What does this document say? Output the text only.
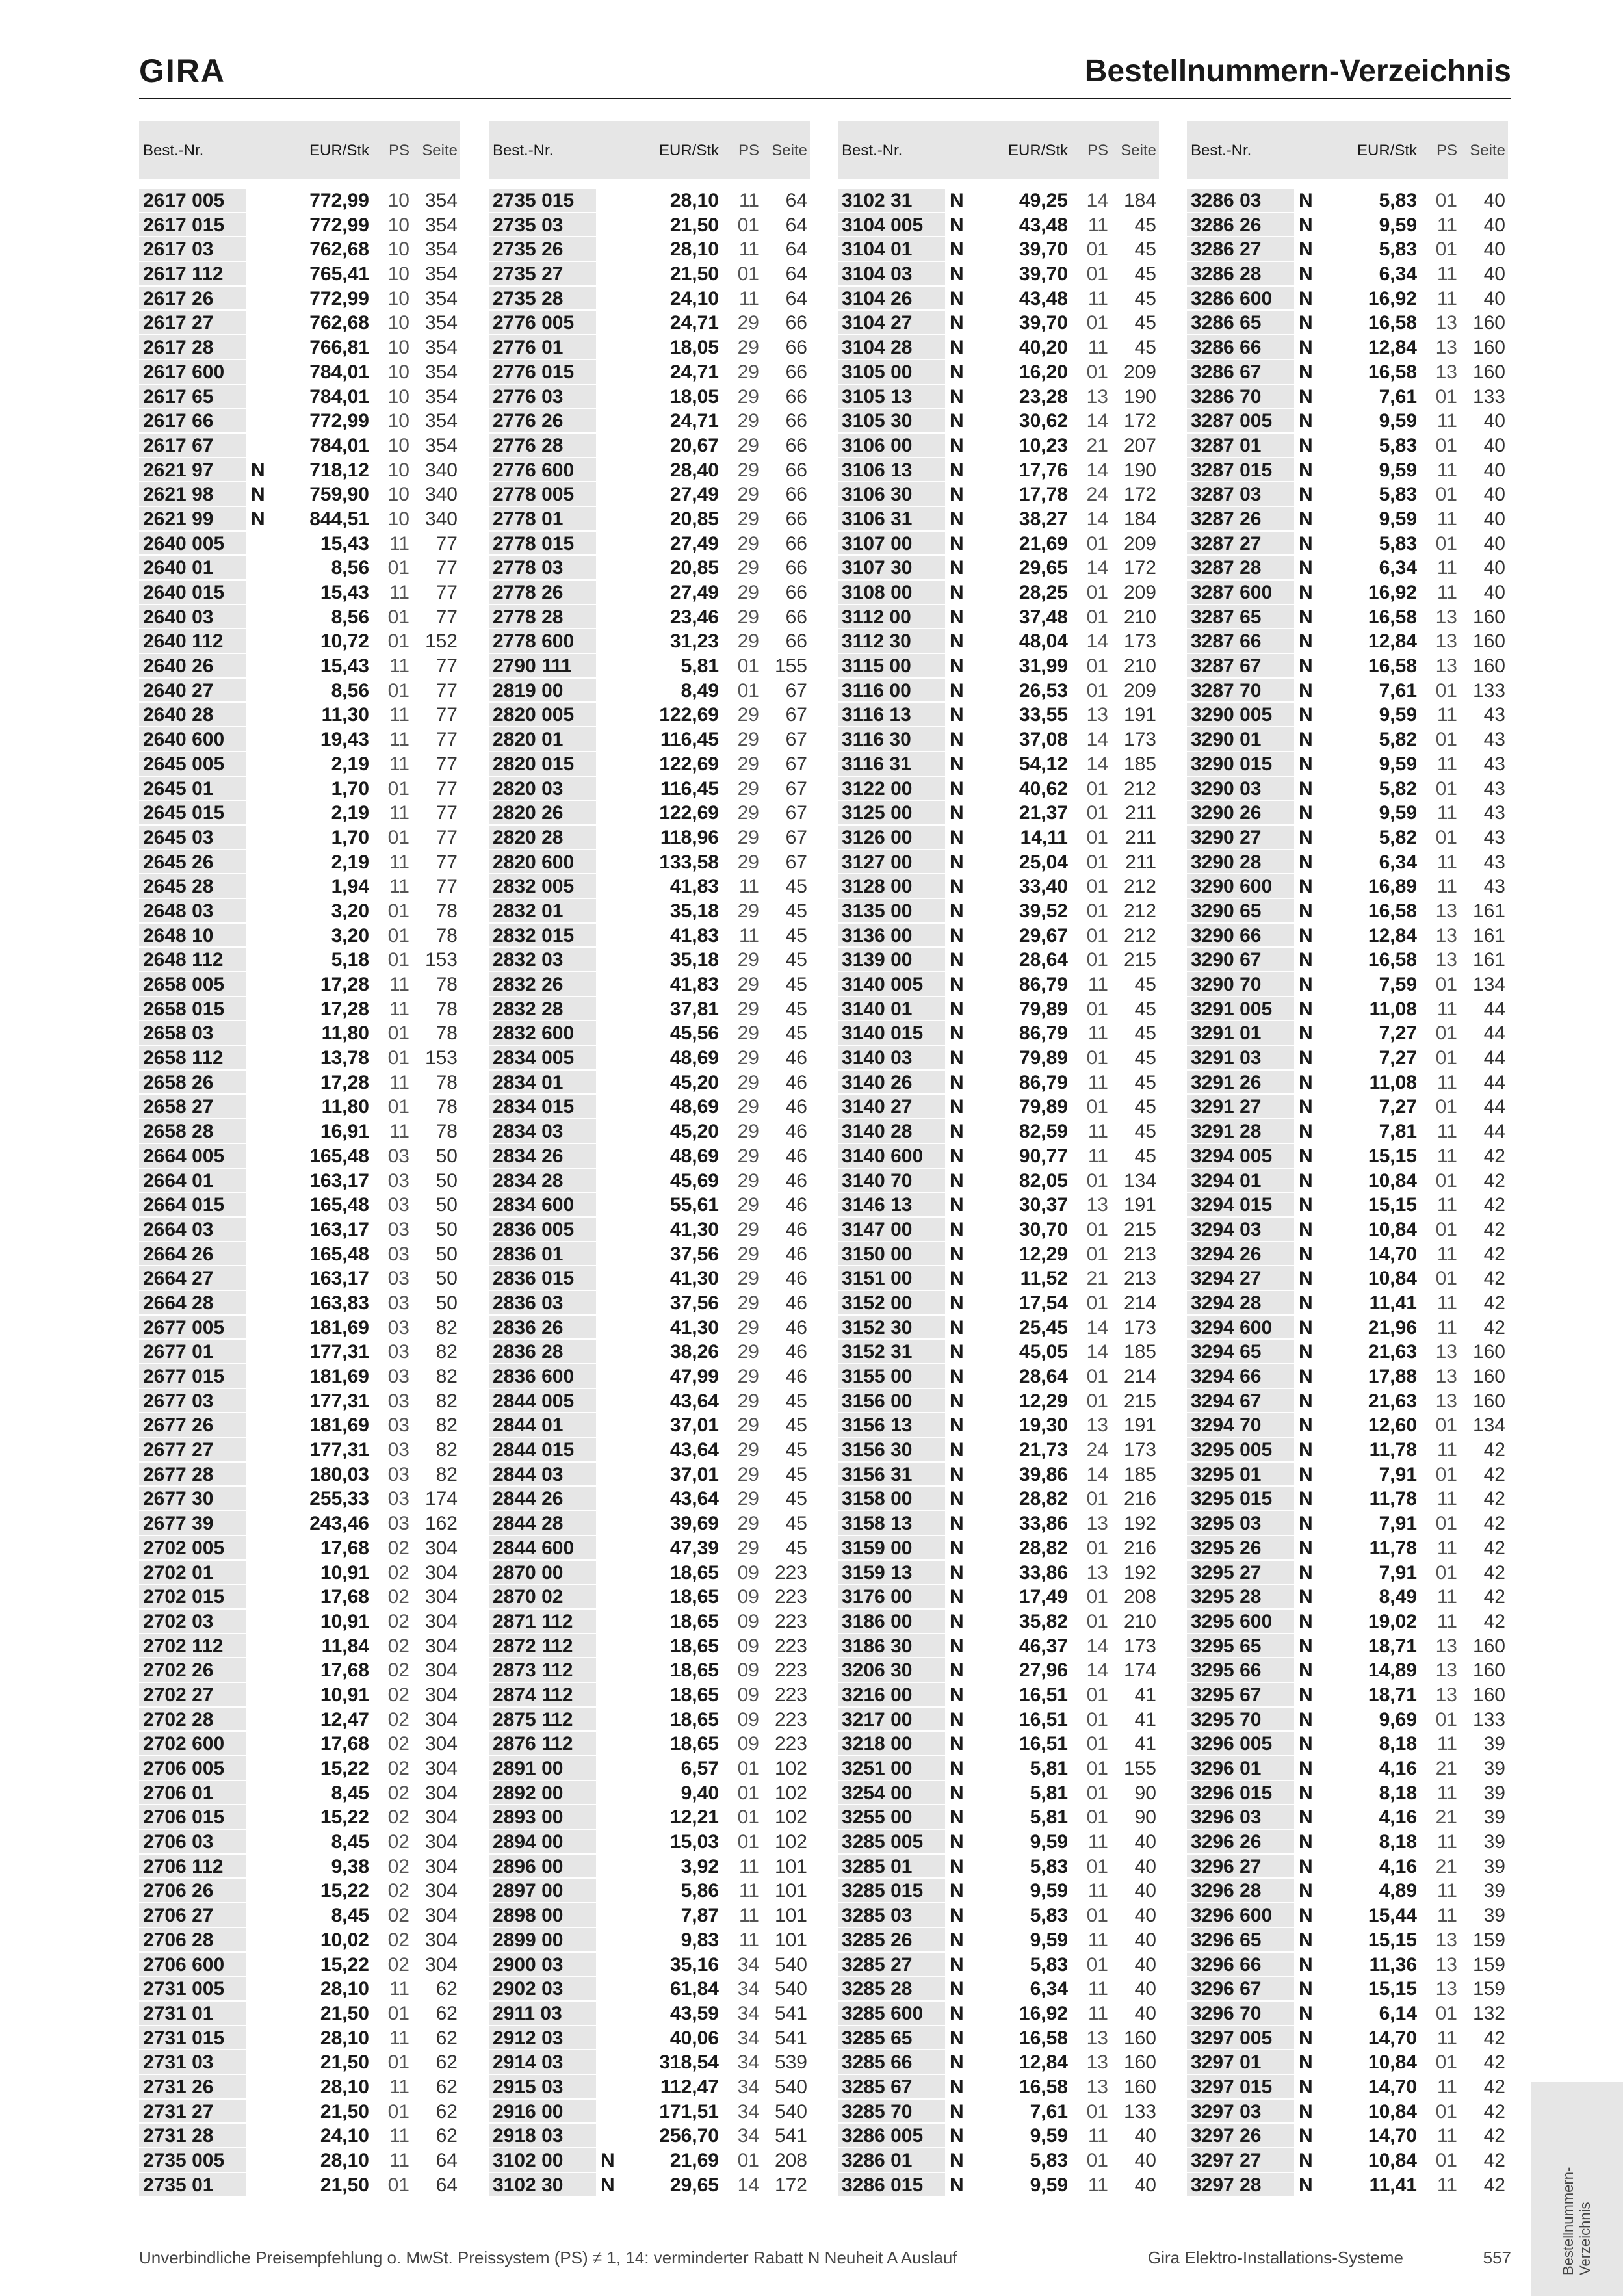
GIRA	Bestellnummern-Verzeichnis
Best.-Nr.	EUR/Stk PS Seite
2617 005	772,99 10 354
2617 015	772,99 10 354
2617 03	762,68 10 354
2617 112	765,41 10 354
2617 26	772,99 10 354
2617 27	762,68 10 354
2617 28	766,81 10 354
2617 600	784,01 10 354
2617 65	784,01 10 354
2617 66	772,99 10 354
2617 67	784,01 10 354
2621 97	N 718,12 10 340
2621 98	N 759,90 10 340
2621 99	N 844,51 10 340
2640 005	15,43 11 77
2640 01	8,56 01 77
2640 015	15,43 11 77
2640 03	8,56 01 77
2640 112	10,72 01 152
2640 26	15,43 11 77
2640 27	8,56 01 77
2640 28	11,30 11 77
2640 600	19,43 11 77
2645 005	2,19 11 77
2645 01	1,70 01 77
2645 015	2,19 11 77
2645 03	1,70 01 77
2645 26	2,19 11 77
2645 28	1,94 11 77
2648 03	3,20 01 78
2648 10	3,20 01 78
2648 112	5,18 01 153
2658 005	17,28 11 78
2658 015	17,28 11 78
2658 03	11,80 01 78
2658 112	13,78 01 153
2658 26	17,28 11 78
2658 27	11,80 01 78
2658 28	16,91 11 78
2664 005	165,48 03 50
2664 01	163,17 03 50
2664 015	165,48 03 50
2664 03	163,17 03 50
2664 26	165,48 03 50
2664 27	163,17 03 50
2664 28	163,83 03 50
2677 005	181,69 03 82
2677 01	177,31 03 82
2677 015	181,69 03 82
2677 03	177,31 03 82
2677 26	181,69 03 82
2677 27	177,31 03 82
2677 28	180,03 03 82
2677 30	255,33 03 174
2677 39	243,46 03 162
2702 005	17,68 02 304
2702 01	10,91 02 304
2702 015	17,68 02 304
2702 03	10,91 02 304
2702 112	11,84 02 304
2702 26	17,68 02 304
2702 27	10,91 02 304
2702 28	12,47 02 304
2702 600	17,68 02 304
2706 005	15,22 02 304
2706 01	8,45 02 304
2706 015	15,22 02 304
2706 03	8,45 02 304
2706 112	9,38 02 304
2706 26	15,22 02 304
2706 27	8,45 02 304
2706 28	10,02 02 304
2706 600	15,22 02 304
2731 005	28,10 11 62
2731 01	21,50 01 62
2731 015	28,10 11 62
2731 03	21,50 01 62
2731 26	28,10 11 62
2731 27	21,50 01 62
2731 28	24,10 11 62
2735 005	28,10 11 64
2735 01	21,50 01 64
Best.-Nr.	EUR/Stk PS Seite
2735 015	28,10 11 64
2735 03	21,50 01 64
2735 26	28,10 11 64
2735 27	21,50 01 64
2735 28	24,10 11 64
2776 005	24,71 29 66
2776 01	18,05 29 66
2776 015	24,71 29 66
2776 03	18,05 29 66
2776 26	24,71 29 66
2776 28	20,67 29 66
2776 600	28,40 29 66
2778 005	27,49 29 66
2778 01	20,85 29 66
2778 015	27,49 29 66
2778 03	20,85 29 66
2778 26	27,49 29 66
2778 28	23,46 29 66
2778 600	31,23 29 66
2790 111	5,81 01 155
2819 00	8,49 01 67
2820 005	122,69 29 67
2820 01	116,45 29 67
2820 015	122,69 29 67
2820 03	116,45 29 67
2820 26	122,69 29 67
2820 28	118,96 29 67
2820 600	133,58 29 67
2832 005	41,83 11 45
2832 01	35,18 29 45
2832 015	41,83 11 45
2832 03	35,18 29 45
2832 26	41,83 29 45
2832 28	37,81 29 45
2832 600	45,56 29 45
2834 005	48,69 29 46
2834 01	45,20 29 46
2834 015	48,69 29 46
2834 03	45,20 29 46
2834 26	48,69 29 46
2834 28	45,69 29 46
2834 600	55,61 29 46
2836 005	41,30 29 46
2836 01	37,56 29 46
2836 015	41,30 29 46
2836 03	37,56 29 46
2836 26	41,30 29 46
2836 28	38,26 29 46
2836 600	47,99 29 46
2844 005	43,64 29 45
2844 01	37,01 29 45
2844 015	43,64 29 45
2844 03	37,01 29 45
2844 26	43,64 29 45
2844 28	39,69 29 45
2844 600	47,39 29 45
2870 00	18,65 09 223
2870 02	18,65 09 223
2871 112	18,65 09 223
2872 112	18,65 09 223
2873 112	18,65 09 223
2874 112	18,65 09 223
2875 112	18,65 09 223
2876 112	18,65 09 223
2891 00	6,57 01 102
2892 00	9,40 01 102
2893 00	12,21 01 102
2894 00	15,03 01 102
2896 00	3,92 11 101
2897 00	5,86 11 101
2898 00	7,87 11 101
2899 00	9,83 11 101
2900 03	35,16 34 540
2902 03	61,84 34 540
2911 03	43,59 34 541
2912 03	40,06 34 541
2914 03	318,54 34 539
2915 03	112,47 34 540
2916 00	171,51 34 540
2918 03	256,70 34 541
3102 00	N	21,69 01 208
3102 30	N	29,65 14 172
Best.-Nr.	EUR/Stk PS Seite
3102 31	N	49,25 14 184
3104 005	N	43,48 11 45
3104 01	N	39,70 01 45
3104 03	N	39,70 01 45
3104 26	N	43,48 11 45
3104 27	N	39,70 01 45
3104 28	N	40,20 11 45
3105 00	N	16,20 01 209
3105 13	N	23,28 13 190
3105 30	N	30,62 14 172
3106 00	N	10,23 21 207
3106 13	N	17,76 14 190
3106 30	N	17,78 24 172
3106 31	N	38,27 14 184
3107 00	N	21,69 01 209
3107 30	N	29,65 14 172
3108 00	N	28,25 01 209
3112 00	N	37,48 01 210
3112 30	N	48,04 14 173
3115 00	N	31,99 01 210
3116 00	N	26,53 01 209
3116 13	N	33,55 13 191
3116 30	N	37,08 14 173
3116 31	N	54,12 14 185
3122 00	N	40,62 01 212
3125 00	N	21,37 01 211
3126 00	N	14,11 01 211
3127 00	N	25,04 01 211
3128 00	N	33,40 01 212
3135 00	N	39,52 01 212
3136 00	N	29,67 01 212
3139 00	N	28,64 01 215
3140 005	N	86,79 11 45
3140 01	N	79,89 01 45
3140 015	N	86,79 11 45
3140 03	N	79,89 01 45
3140 26	N	86,79 11 45
3140 27	N	79,89 01 45
3140 28	N	82,59 11 45
3140 600	N	90,77 11 45
3140 70	N	82,05 01 134
3146 13	N	30,37 13 191
3147 00	N	30,70 01 215
3150 00	N	12,29 01 213
3151 00	N	11,52 21 213
3152 00	N	17,54 01 214
3152 30	N	25,45 14 173
3152 31	N	45,05 14 185
3155 00	N	28,64 01 214
3156 00	N	12,29 01 215
3156 13	N	19,30 13 191
3156 30	N	21,73 24 173
3156 31	N	39,86 14 185
3158 00	N	28,82 01 216
3158 13	N	33,86 13 192
3159 00	N	28,82 01 216
3159 13	N	33,86 13 192
3176 00	N	17,49 01 208
3186 00	N	35,82 01 210
3186 30	N	46,37 14 173
3206 30	N	27,96 14 174
3216 00	N	16,51 01 41
3217 00	N	16,51 01 41
3218 00	N	16,51 01 41
3251 00	N	5,81 01 155
3254 00	N	5,81 01 90
3255 00	N	5,81 01 90
3285 005	N	9,59 11 40
3285 01	N	5,83 01 40
3285 015	N	9,59 11 40
3285 03	N	5,83 01 40
3285 26	N	9,59 11 40
3285 27	N	5,83 01 40
3285 28	N	6,34 11 40
3285 600	N	16,92 11 40
3285 65	N	16,58 13 160
3285 66	N	12,84 13 160
3285 67	N	16,58 13 160
3285 70	N	7,61 01 133
3286 005	N	9,59 11 40
3286 01	N	5,83 01 40
3286 015	N	9,59 11 40
Best.-Nr.	EUR/Stk PS Seite
3286 03	N	5,83 01 40
3286 26	N	9,59 11 40
3286 27	N	5,83 01 40
3286 28	N	6,34 11 40
3286 600	N	16,92 11 40
3286 65	N	16,58 13 160
3286 66	N	12,84 13 160
3286 67	N	16,58 13 160
3286 70	N	7,61 01 133
3287 005	N	9,59 11 40
3287 01	N	5,83 01 40
3287 015	N	9,59 11 40
3287 03	N	5,83 01 40
3287 26	N	9,59 11 40
3287 27	N	5,83 01 40
3287 28	N	6,34 11 40
3287 600	N	16,92 11 40
3287 65	N	16,58 13 160
3287 66	N	12,84 13 160
3287 67	N	16,58 13 160
3287 70	N	7,61 01 133
3290 005	N	9,59 11 43
3290 01	N	5,82 01 43
3290 015	N	9,59 11 43
3290 03	N	5,82 01 43
3290 26	N	9,59 11 43
3290 27	N	5,82 01 43
3290 28	N	6,34 11 43
3290 600	N	16,89 11 43
3290 65	N	16,58 13 161
3290 66	N	12,84 13 161
3290 67	N	16,58 13 161
3290 70	N	7,59 01 134
3291 005	N	11,08 11 44
3291 01	N	7,27 01 44
3291 03	N	7,27 01 44
3291 26	N	11,08 11 44
3291 27	N	7,27 01 44
3291 28	N	7,81 11 44
3294 005	N	15,15 11 42
3294 01	N	10,84 01 42
3294 015	N	15,15 11 42
3294 03	N	10,84 01 42
3294 26	N	14,70 11 42
3294 27	N	10,84 01 42
3294 28	N	11,41 11 42
3294 600	N	21,96 11 42
3294 65	N	21,63 13 160
3294 66	N	17,88 13 160
3294 67	N	21,63 13 160
3294 70	N	12,60 01 134
3295 005	N	11,78 11 42
3295 01	N	7,91 01 42
3295 015	N	11,78 11 42
3295 03	N	7,91 01 42
3295 26	N	11,78 11 42
3295 27	N	7,91 01 42
3295 28	N	8,49 11 42
3295 600	N	19,02 11 42
3295 65	N	18,71 13 160
3295 66	N	14,89 13 160
3295 67	N	18,71 13 160
3295 70	N	9,69 01 133
3296 005	N	8,18 11 39
3296 01	N	4,16 21 39
3296 015	N	8,18 11 39
3296 03	N	4,16 21 39
3296 26	N	8,18 11 39
3296 27	N	4,16 21 39
3296 28	N	4,89 11 39
3296 600	N	15,44 11 39
3296 65	N	15,15 13 159
3296 66	N	11,36 13 159
3296 67	N	15,15 13 159
3296 70	N	6,14 01 132
3297 005	N	14,70 11 42
3297 01	N	10,84 01 42
3297 015	N	14,70 11 42
3297 03	N	10,84 01 42
3297 26	N	14,70 11 42
3297 27	N	10,84 01 42
3297 28	N	11,41 11 42	Bestellnummern-
Verzeichnis
Unverbindliche Preisempfehlung o. MwSt. Preissystem (PS) ≠ 1, 14: verminderter Rabatt N Neuheit A Auslauf	Gira Elektro-Installations-Systeme	557
